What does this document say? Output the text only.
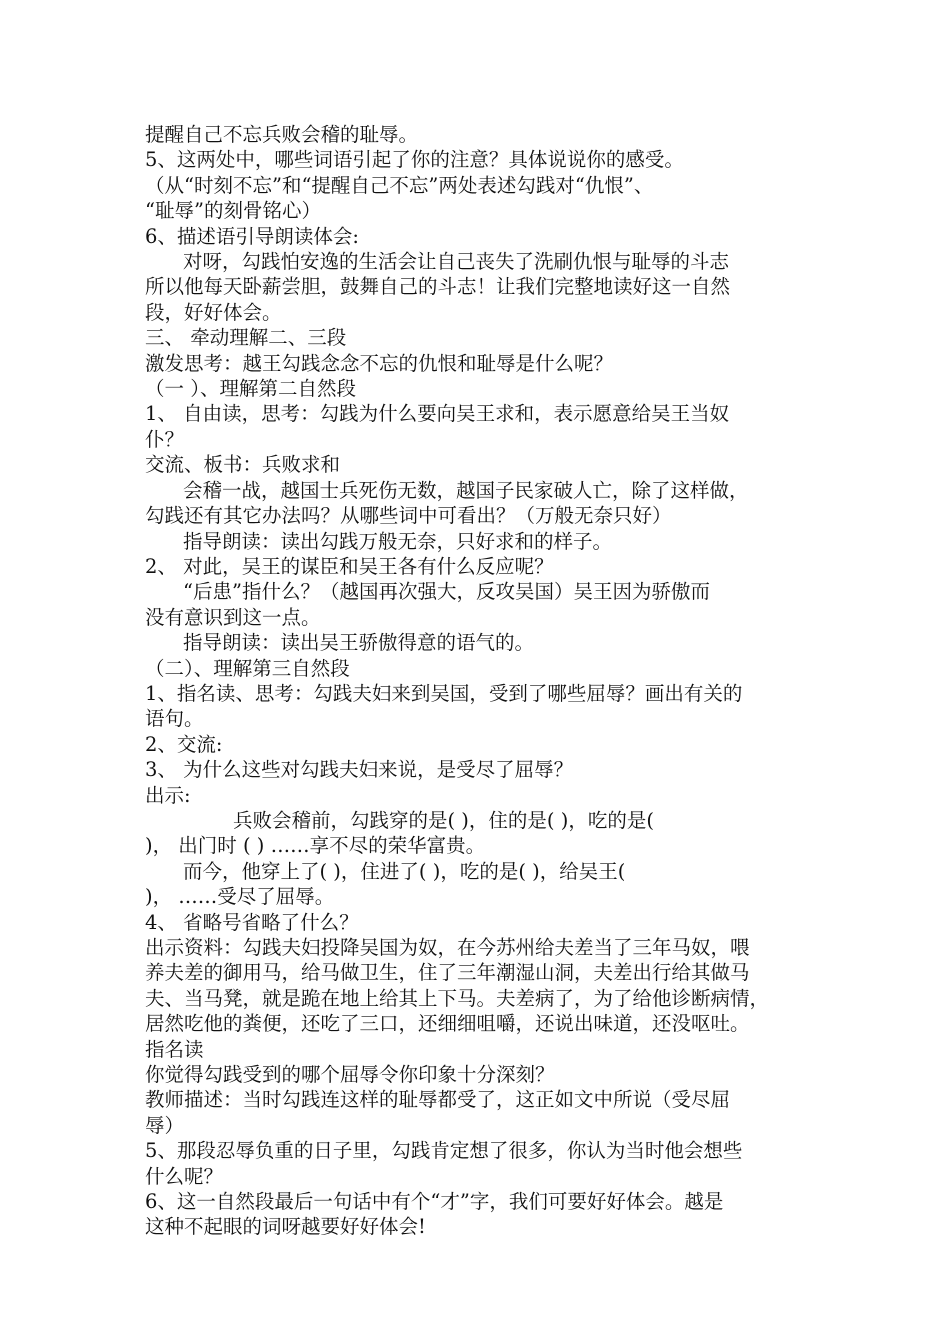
提醒自己不忘兵败会稽的耻辱。
5、这两处中，哪些词语引起了你的注意？具体说说你的感受。
（从“时刻不忘”和“提醒自己不忘”两处表述勾践对“仇恨”、
“耻辱”的刻骨铭心）
6、描述语引导朗读体会:
对呀，勾践怕安逸的生活会让自己丧失了洗刷仇恨与耻辱的斗志
所以他每天卧薪尝胆，鼓舞自己的斗志！让我们完整地读好这一自然
段，好好体会。
三、 牵动理解二、三段
激发思考：越王勾践念念不忘的仇恨和耻辱是什么呢？
（一 ）、理解第二自然段
1、 自由读，思考：勾践为什么要向吴王求和，表示愿意给吴王当奴
仆？
交流、板书：兵败求和
会稽一战，越国士兵死伤无数，越国子民家破人亡，除了这样做，
勾践还有其它办法吗？从哪些词中可看出？（万般无奈只好）
指导朗读：读出勾践万般无奈，只好求和的样子。
2、 对此，吴王的谋臣和吴王各有什么反应呢？
“后患”指什么？（越国再次强大，反攻吴国）吴王因为骄傲而
没有意识到这一点。
指导朗读：读出吴王骄傲得意的语气的。
（二）、理解第三自然段
1、指名读、思考：勾践夫妇来到吴国，受到了哪些屈辱？画出有关的
语句。
2、交流:
3、 为什么这些对勾践夫妇来说，是受尽了屈辱？
出示:
兵败会稽前，勾践穿的是( )，住的是( )，吃的是(
)， 出门时 ( ) ……享不尽的荣华富贵。
而今，他穿上了( )，住进了( )，吃的是( )，给吴王(
)， ……受尽了屈辱。
4、 省略号省略了什么？
出示资料：勾践夫妇投降吴国为奴，在今苏州给夫差当了三年马奴，喂
养夫差的御用马，给马做卫生，住了三年潮湿山洞，夫差出行给其做马
夫、当马凳，就是跪在地上给其上下马。夫差病了，为了给他诊断病情，
居然吃他的粪便，还吃了三口，还细细咀嚼，还说出味道，还没呕吐。
指名读
你觉得勾践受到的哪个屈辱令你印象十分深刻？
教师描述：当时勾践连这样的耻辱都受了，这正如文中所说（受尽屈
辱）
5、那段忍辱负重的日子里，勾践肯定想了很多，你认为当时他会想些
什么呢？
6、这一自然段最后一句话中有个“才”字，我们可要好好体会。越是
这种不起眼的词呀越要好好体会!
